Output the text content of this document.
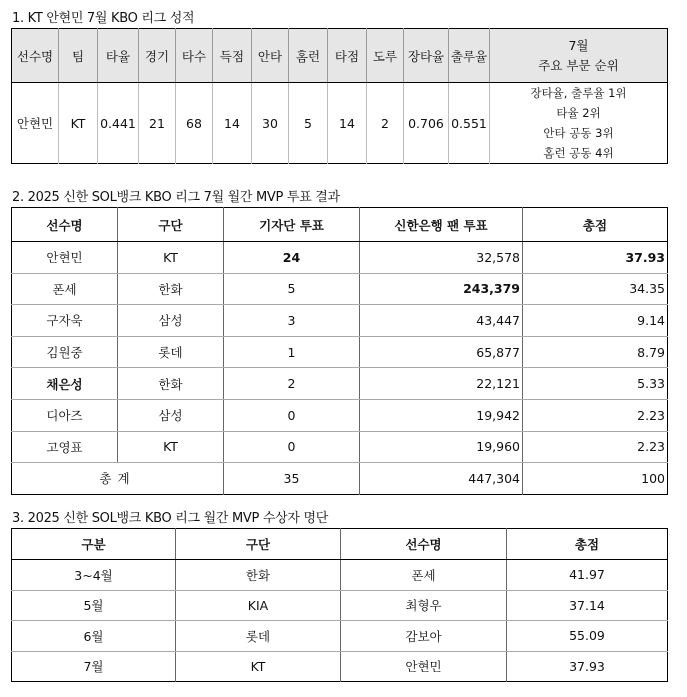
1. KT 안현민 7월 KBO 리그 성적
선수명	팀	타율	경기	타수	득점	안타	홈런	타점	도루	장타율	출루율	7월
주요 부문 순위

안현민	KT	0.441	21	68	14	30	5	14	2	0.706	0.551	장타율, 출루율 1위
타율 2위
안타 공동 3위
홈런 공동 4위
2. 2025 신한 SOL뱅크 KBO 리그 7월 월간 MVP 투표 결과
선수명	구단	기자단 투표	신한은행 팬 투표	총점
안현민	KT	24	32,578	37.93
폰세	한화	5	243,379	34.35
구자욱	삼성	3	43,447	9.14
김원중	롯데	1	65,877	8.79
채은성	한화	2	22,121	5.33
디아즈	삼성	0	19,942	2.23
고영표	KT	0	19,960	2.23
총계		35	447,304	100
3. 2025 신한 SOL뱅크 KBO 리그 월간 MVP 수상자 명단
구분	구단	선수명	총점
3~4월	한화	폰세	41.97
5월	KIA	최형우	37.14
6월	롯데	감보아	55.09
7월	KT	안현민	37.93
